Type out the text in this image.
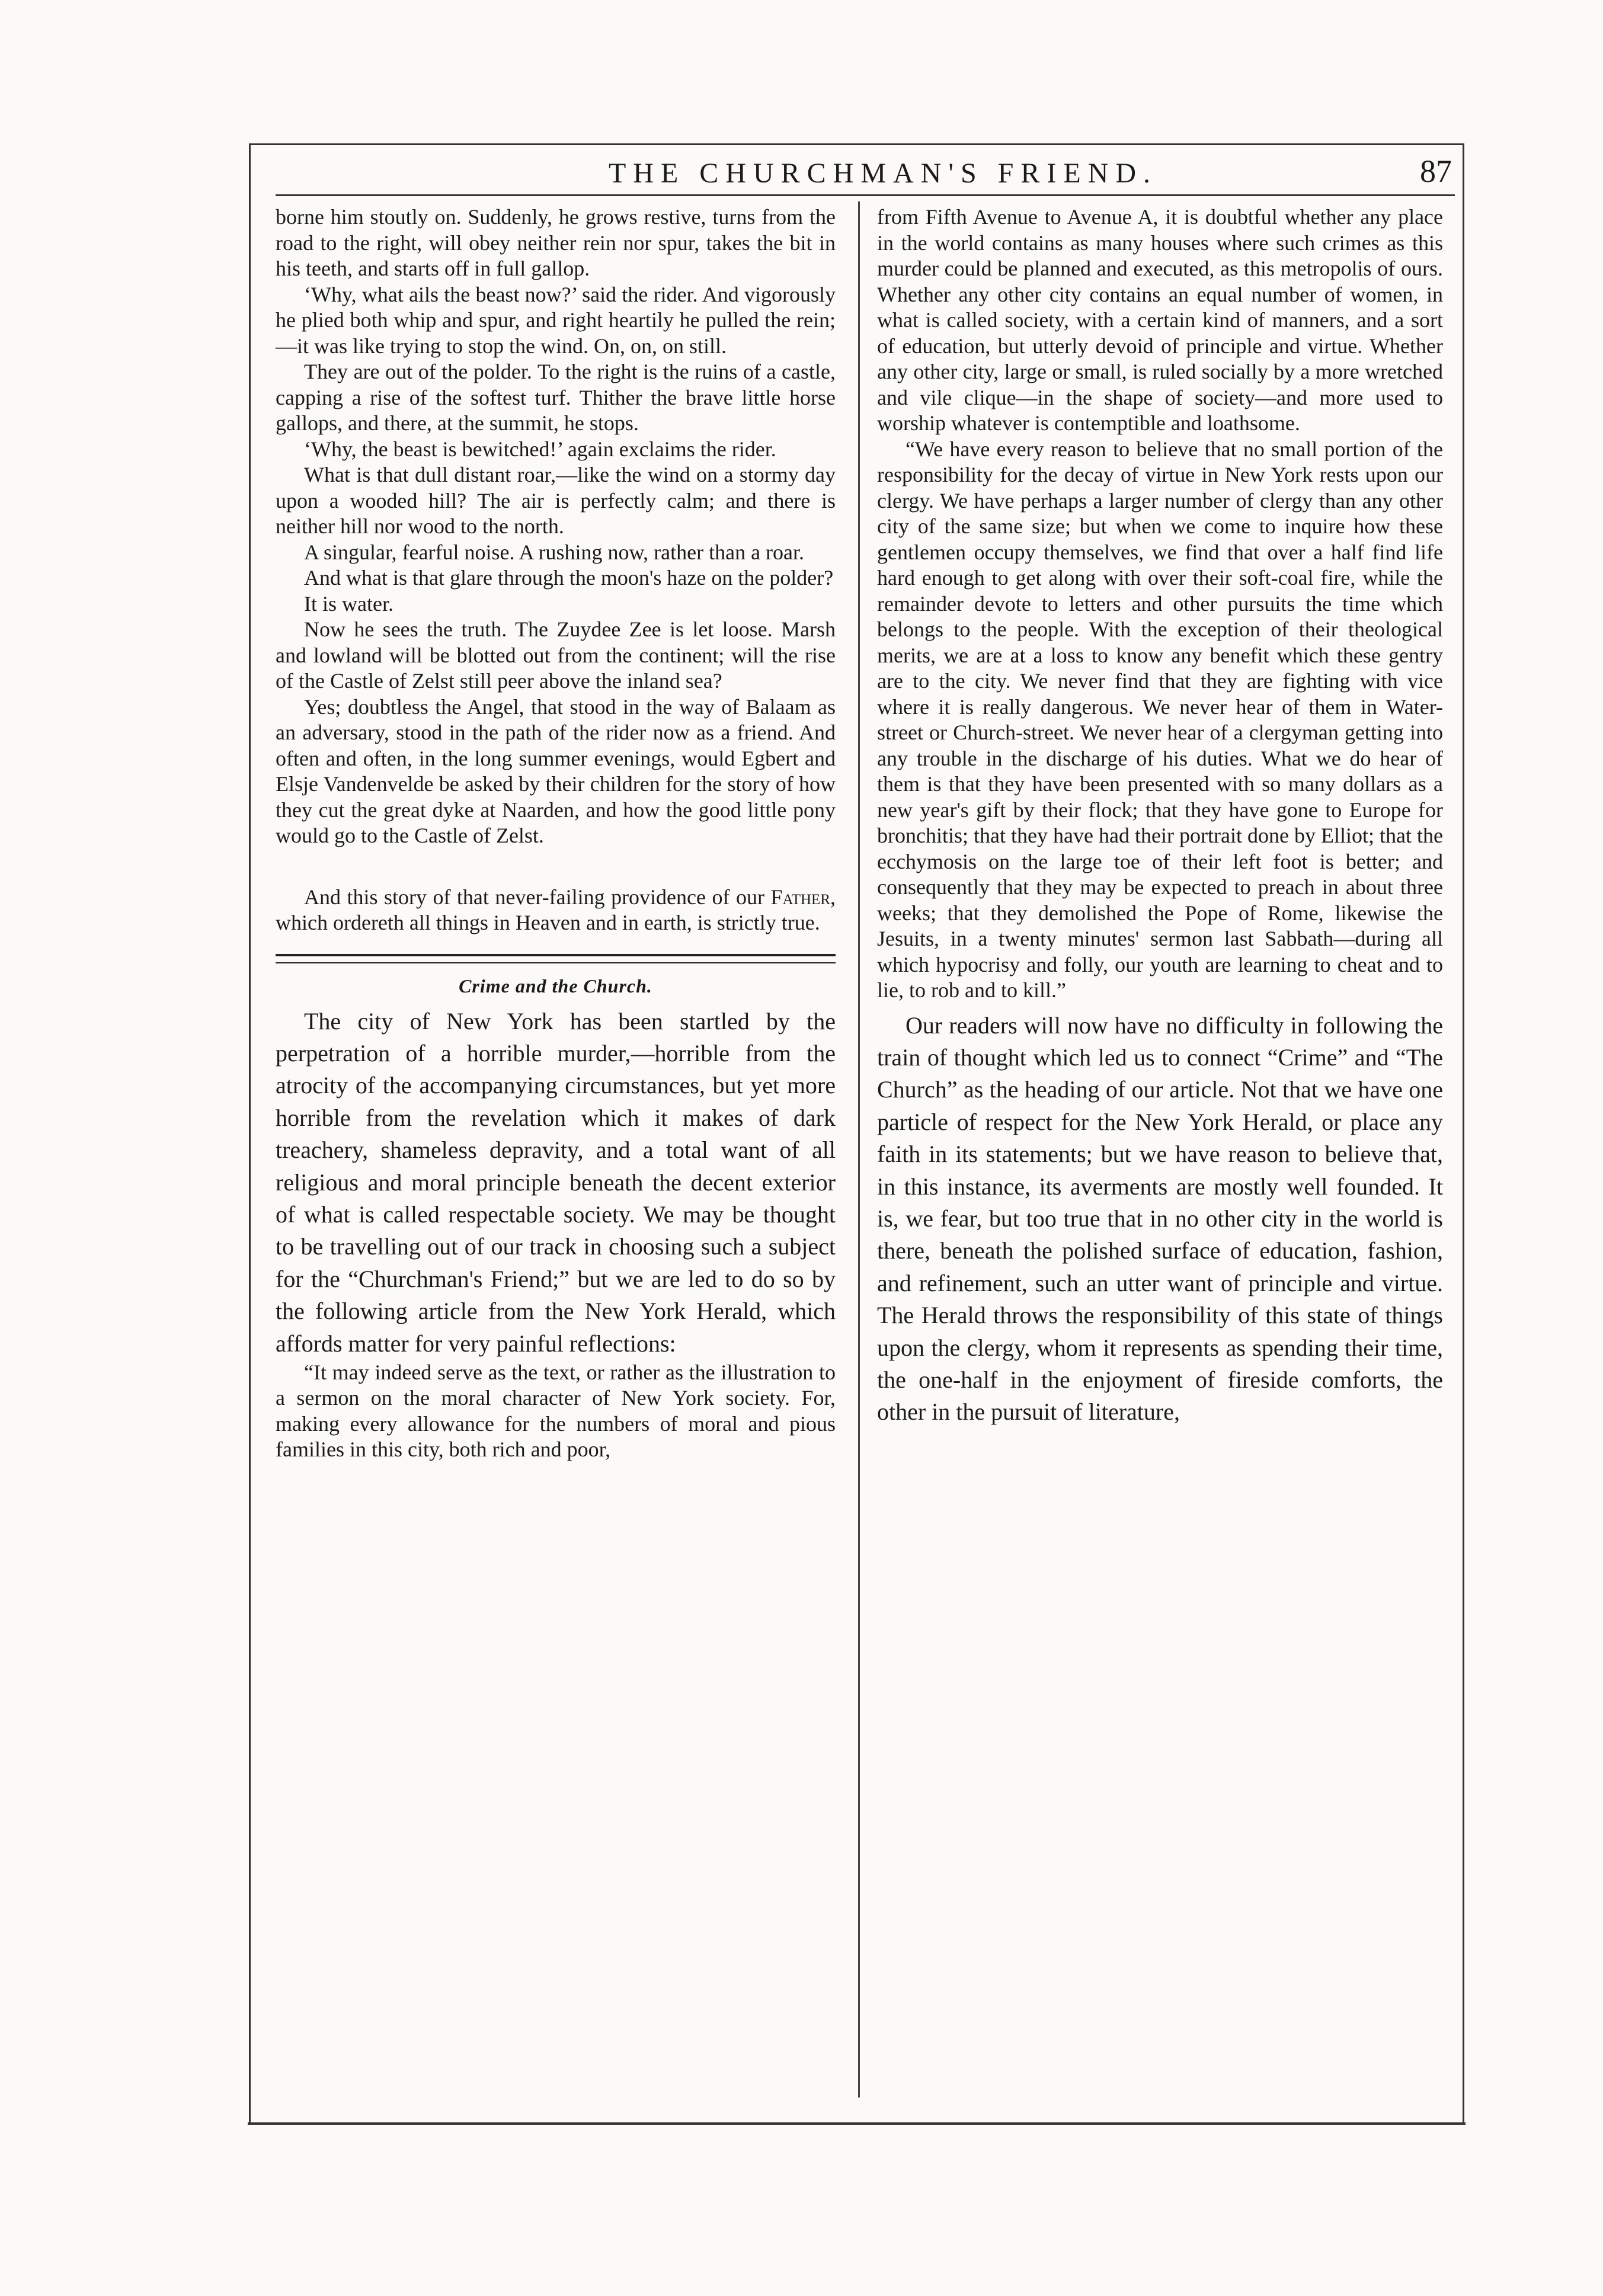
THE CHURCHMAN'S FRIEND.	87

borne him stoutly on. Suddenly, he grows restive, turns from the road to the right, will obey neither rein nor spur, takes the bit in his teeth, and starts off in full gallop.

‘Why, what ails the beast now?’ said the rider. And vigorously he plied both whip and spur, and right heartily he pulled the rein;—it was like trying to stop the wind. On, on, on still.

They are out of the polder. To the right is the ruins of a castle, capping a rise of the softest turf. Thither the brave little horse gallops, and there, at the summit, he stops.

‘Why, the beast is bewitched!’ again exclaims the rider.

What is that dull distant roar,—like the wind on a stormy day upon a wooded hill? The air is perfectly calm; and there is neither hill nor wood to the north.

A singular, fearful noise. A rushing now, rather than a roar.

And what is that glare through the moon's haze on the polder?

It is water.

Now he sees the truth. The Zuydee Zee is let loose. Marsh and lowland will be blotted out from the continent; will the rise of the Castle of Zelst still peer above the inland sea?

Yes; doubtless the Angel, that stood in the way of Balaam as an adversary, stood in the path of the rider now as a friend. And often and often, in the long summer evenings, would Egbert and Elsje Vandenvelde be asked by their children for the story of how they cut the great dyke at Naarden, and how the good little pony would go to the Castle of Zelst.

And this story of that never-failing providence of our Father, which ordereth all things in Heaven and in earth, is strictly true.

Crime and the Church.

The city of New York has been startled by the perpetration of a horrible murder,—horrible from the atrocity of the accompanying circumstances, but yet more horrible from the revelation which it makes of dark treachery, shameless depravity, and a total want of all religious and moral principle beneath the decent exterior of what is called respectable society. We may be thought to be travelling out of our track in choosing such a subject for the “Churchman's Friend;” but we are led to do so by the following article from the New York Herald, which affords matter for very painful reflections:

“It may indeed serve as the text, or rather as the illustration to a sermon on the moral character of New York society. For, making every allowance for the numbers of moral and pious families in this city, both rich and poor,

from Fifth Avenue to Avenue A, it is doubtful whether any place in the world contains as many houses where such crimes as this murder could be planned and executed, as this metropolis of ours. Whether any other city contains an equal number of women, in what is called society, with a certain kind of manners, and a sort of education, but utterly devoid of principle and virtue. Whether any other city, large or small, is ruled socially by a more wretched and vile clique—in the shape of society—and more used to worship whatever is contemptible and loathsome.

“We have every reason to believe that no small portion of the responsibility for the decay of virtue in New York rests upon our clergy. We have perhaps a larger number of clergy than any other city of the same size; but when we come to inquire how these gentlemen occupy themselves, we find that over a half find life hard enough to get along with over their soft-coal fire, while the remainder devote to letters and other pursuits the time which belongs to the people. With the exception of their theological merits, we are at a loss to know any benefit which these gentry are to the city. We never find that they are fighting with vice where it is really dangerous. We never hear of them in Water-street or Church-street. We never hear of a clergyman getting into any trouble in the discharge of his duties. What we do hear of them is that they have been presented with so many dollars as a new year's gift by their flock; that they have gone to Europe for bronchitis; that they have had their portrait done by Elliot; that the ecchymosis on the large toe of their left foot is better; and consequently that they may be expected to preach in about three weeks; that they demolished the Pope of Rome, likewise the Jesuits, in a twenty minutes' sermon last Sabbath—during all which hypocrisy and folly, our youth are learning to cheat and to lie, to rob and to kill.”

Our readers will now have no difficulty in following the train of thought which led us to connect “Crime” and “The Church” as the heading of our article. Not that we have one particle of respect for the New York Herald, or place any faith in its statements; but we have reason to believe that, in this instance, its averments are mostly well founded. It is, we fear, but too true that in no other city in the world is there, beneath the polished surface of education, fashion, and refinement, such an utter want of principle and virtue. The Herald throws the responsibility of this state of things upon the clergy, whom it represents as spending their time, the one-half in the enjoyment of fireside comforts, the other in the pursuit of literature,
